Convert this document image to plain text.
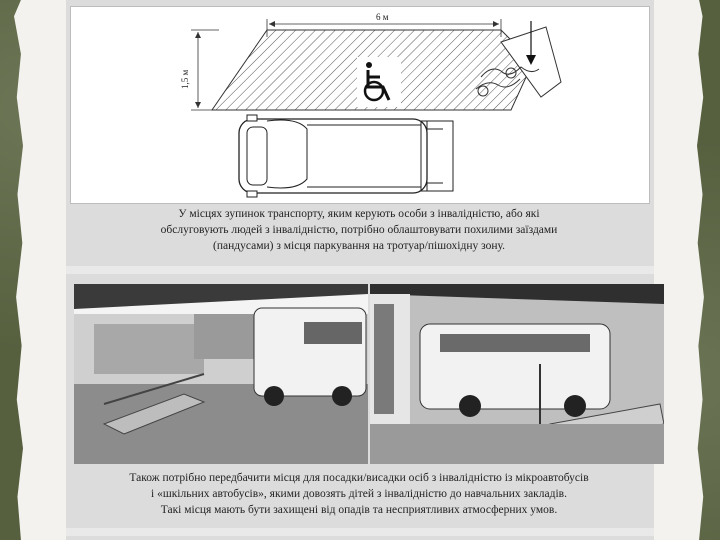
6 м
1,5 м
У місцях зупинок транспорту, яким керують особи з інвалідністю, або які
обслуговують людей з інвалідністю, потрібно облаштовувати похилими заїздами
(пандусами) з місця паркування на тротуар/пішохідну зону.
Також потрібно передбачити місця для посадки/висадки осіб з інвалідністю із мікроавтобусів
і «шкільних автобусів», якими довозять дітей з інвалідністю до навчальних закладів.
Такі місця мають бути захищені від опадів та несприятливих атмосферних умов.
